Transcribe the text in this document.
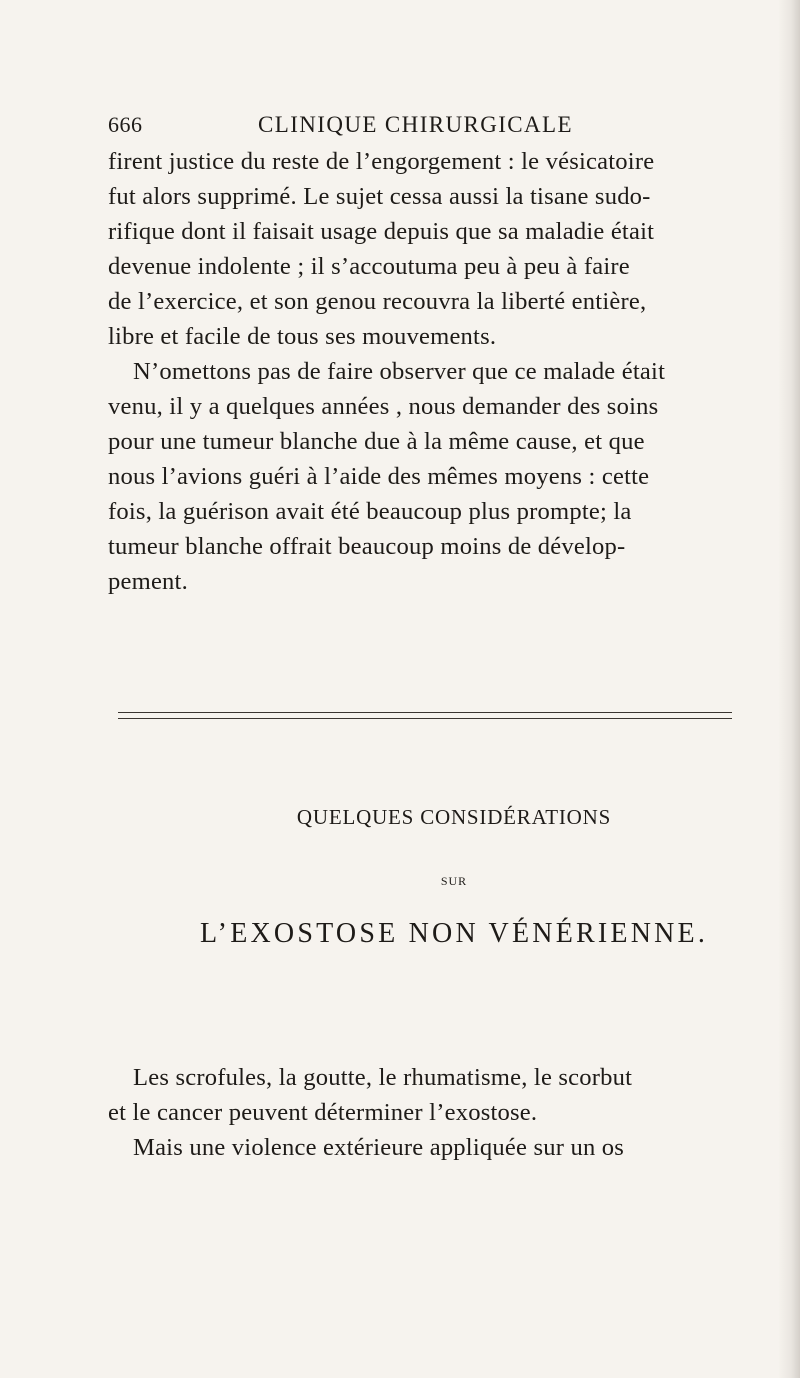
666	CLINIQUE CHIRURGICALE
firent justice du reste de l’engorgement : le vésicatoire
fut alors supprimé. Le sujet cessa aussi la tisane sudo-
rifique dont il faisait usage depuis que sa maladie était
devenue indolente ; il s’accoutuma peu à peu à faire
de l’exercice, et son genou recouvra la liberté entière,
libre et facile de tous ses mouvements.
N’omettons pas de faire observer que ce malade était
venu, il y a quelques années , nous demander des soins
pour une tumeur blanche due à la même cause, et que
nous l’avions guéri à l’aide des mêmes moyens : cette
fois, la guérison avait été beaucoup plus prompte; la
tumeur blanche offrait beaucoup moins de dévelop-
pement.
QUELQUES CONSIDÉRATIONS
SUR
L’EXOSTOSE NON VÉNÉRIENNE.
Les scrofules, la goutte, le rhumatisme, le scorbut
et le cancer peuvent déterminer l’exostose.
Mais une violence extérieure appliquée sur un os
